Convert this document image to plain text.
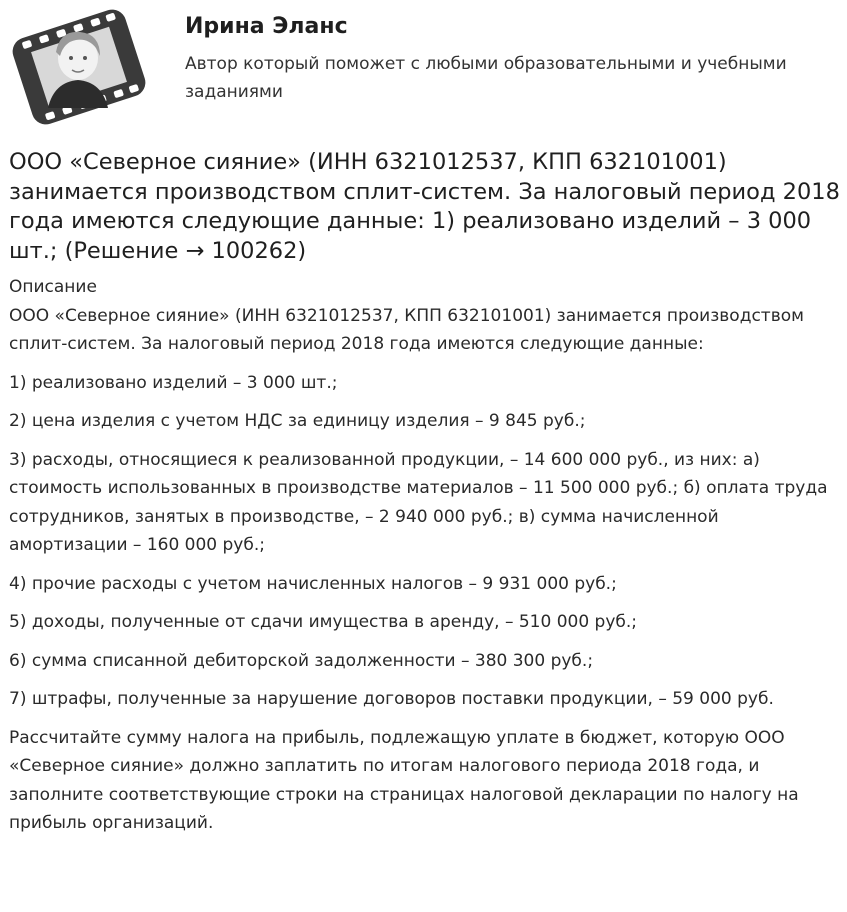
Ирина Эланс
Автор который поможет с любыми образовательными и учебными заданиями
ООО «Северное сияние» (ИНН 6321012537, КПП 632101001) занимается производством сплит-систем. За налоговый период 2018 года имеются следующие данные: 1) реализовано изделий – 3 000 шт.; (Решение → 100262)
Описание

ООО «Северное сияние» (ИНН 6321012537, КПП 632101001) занимается производством сплит-систем. За налоговый период 2018 года имеются следующие данные:

1) реализовано изделий – 3 000 шт.;

2) цена изделия с учетом НДС за единицу изделия – 9 845 руб.;

3) расходы, относящиеся к реализованной продукции, – 14 600 000 руб., из них: а) стоимость использованных в производстве материалов – 11 500 000 руб.; б) оплата труда сотрудников, занятых в производстве, – 2 940 000 руб.; в) сумма начисленной амортизации – 160 000 руб.;

4) прочие расходы с учетом начисленных налогов – 9 931 000 руб.;

5) доходы, полученные от сдачи имущества в аренду, – 510 000 руб.;

6) сумма списанной дебиторской задолженности – 380 300 руб.;

7) штрафы, полученные за нарушение договоров поставки продукции, – 59 000 руб.

Рассчитайте сумму налога на прибыль, подлежащую уплате в бюджет, которую ООО «Северное сияние» должно заплатить по итогам налогового периода 2018 года, и заполните соответствующие строки на страницах налоговой декларации по налогу на прибыль организаций.
